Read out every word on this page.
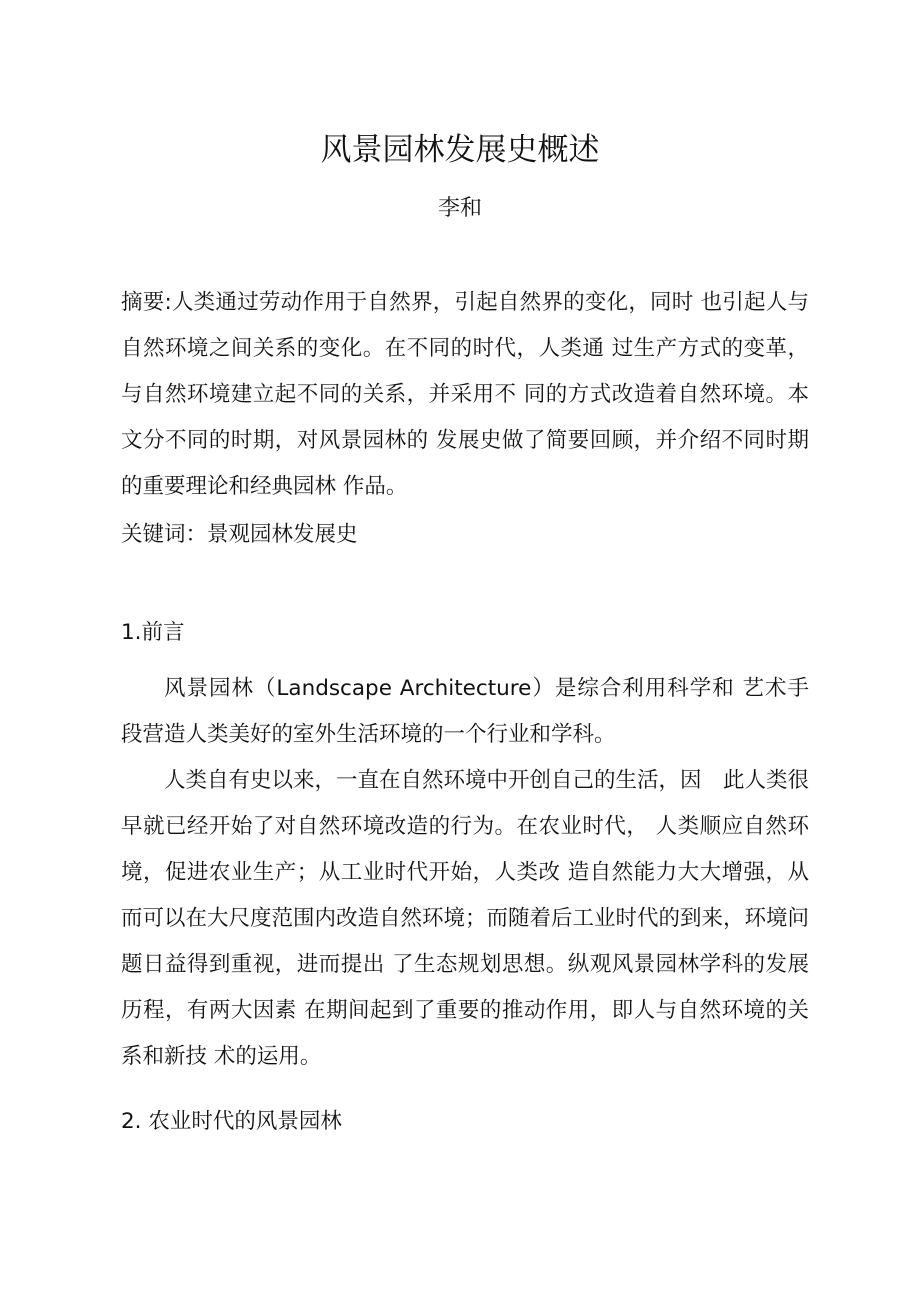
风景园林发展史概述
李和

摘要:人类通过劳动作用于自然界，引起自然界的变化，同时 也引起人与自然环境之间关系的变化。在不同的时代，人类通 过生产方式的变革，与自然环境建立起不同的关系，并采用不 同的方式改造着自然环境。本文分不同的时期，对风景园林的 发展史做了简要回顾，并介绍不同时期的重要理论和经典园林 作品。

关键词：景观园林发展史

1.前言

风景园林（Landscape Architecture）是综合利用科学和 艺术手段营造人类美好的室外生活环境的一个行业和学科。

人类自有史以来，一直在自然环境中开创自己的生活，因　此人类很早就已经开始了对自然环境改造的行为。在农业时代， 人类顺应自然环境，促进农业生产；从工业时代开始，人类改 造自然能力大大增强，从而可以在大尺度范围内改造自然环境；而随着后工业时代的到来，环境问题日益得到重视，进而提出 了生态规划思想。纵观风景园林学科的发展历程，有两大因素 在期间起到了重要的推动作用，即人与自然环境的关系和新技 术的运用。

2. 农业时代的风景园林
